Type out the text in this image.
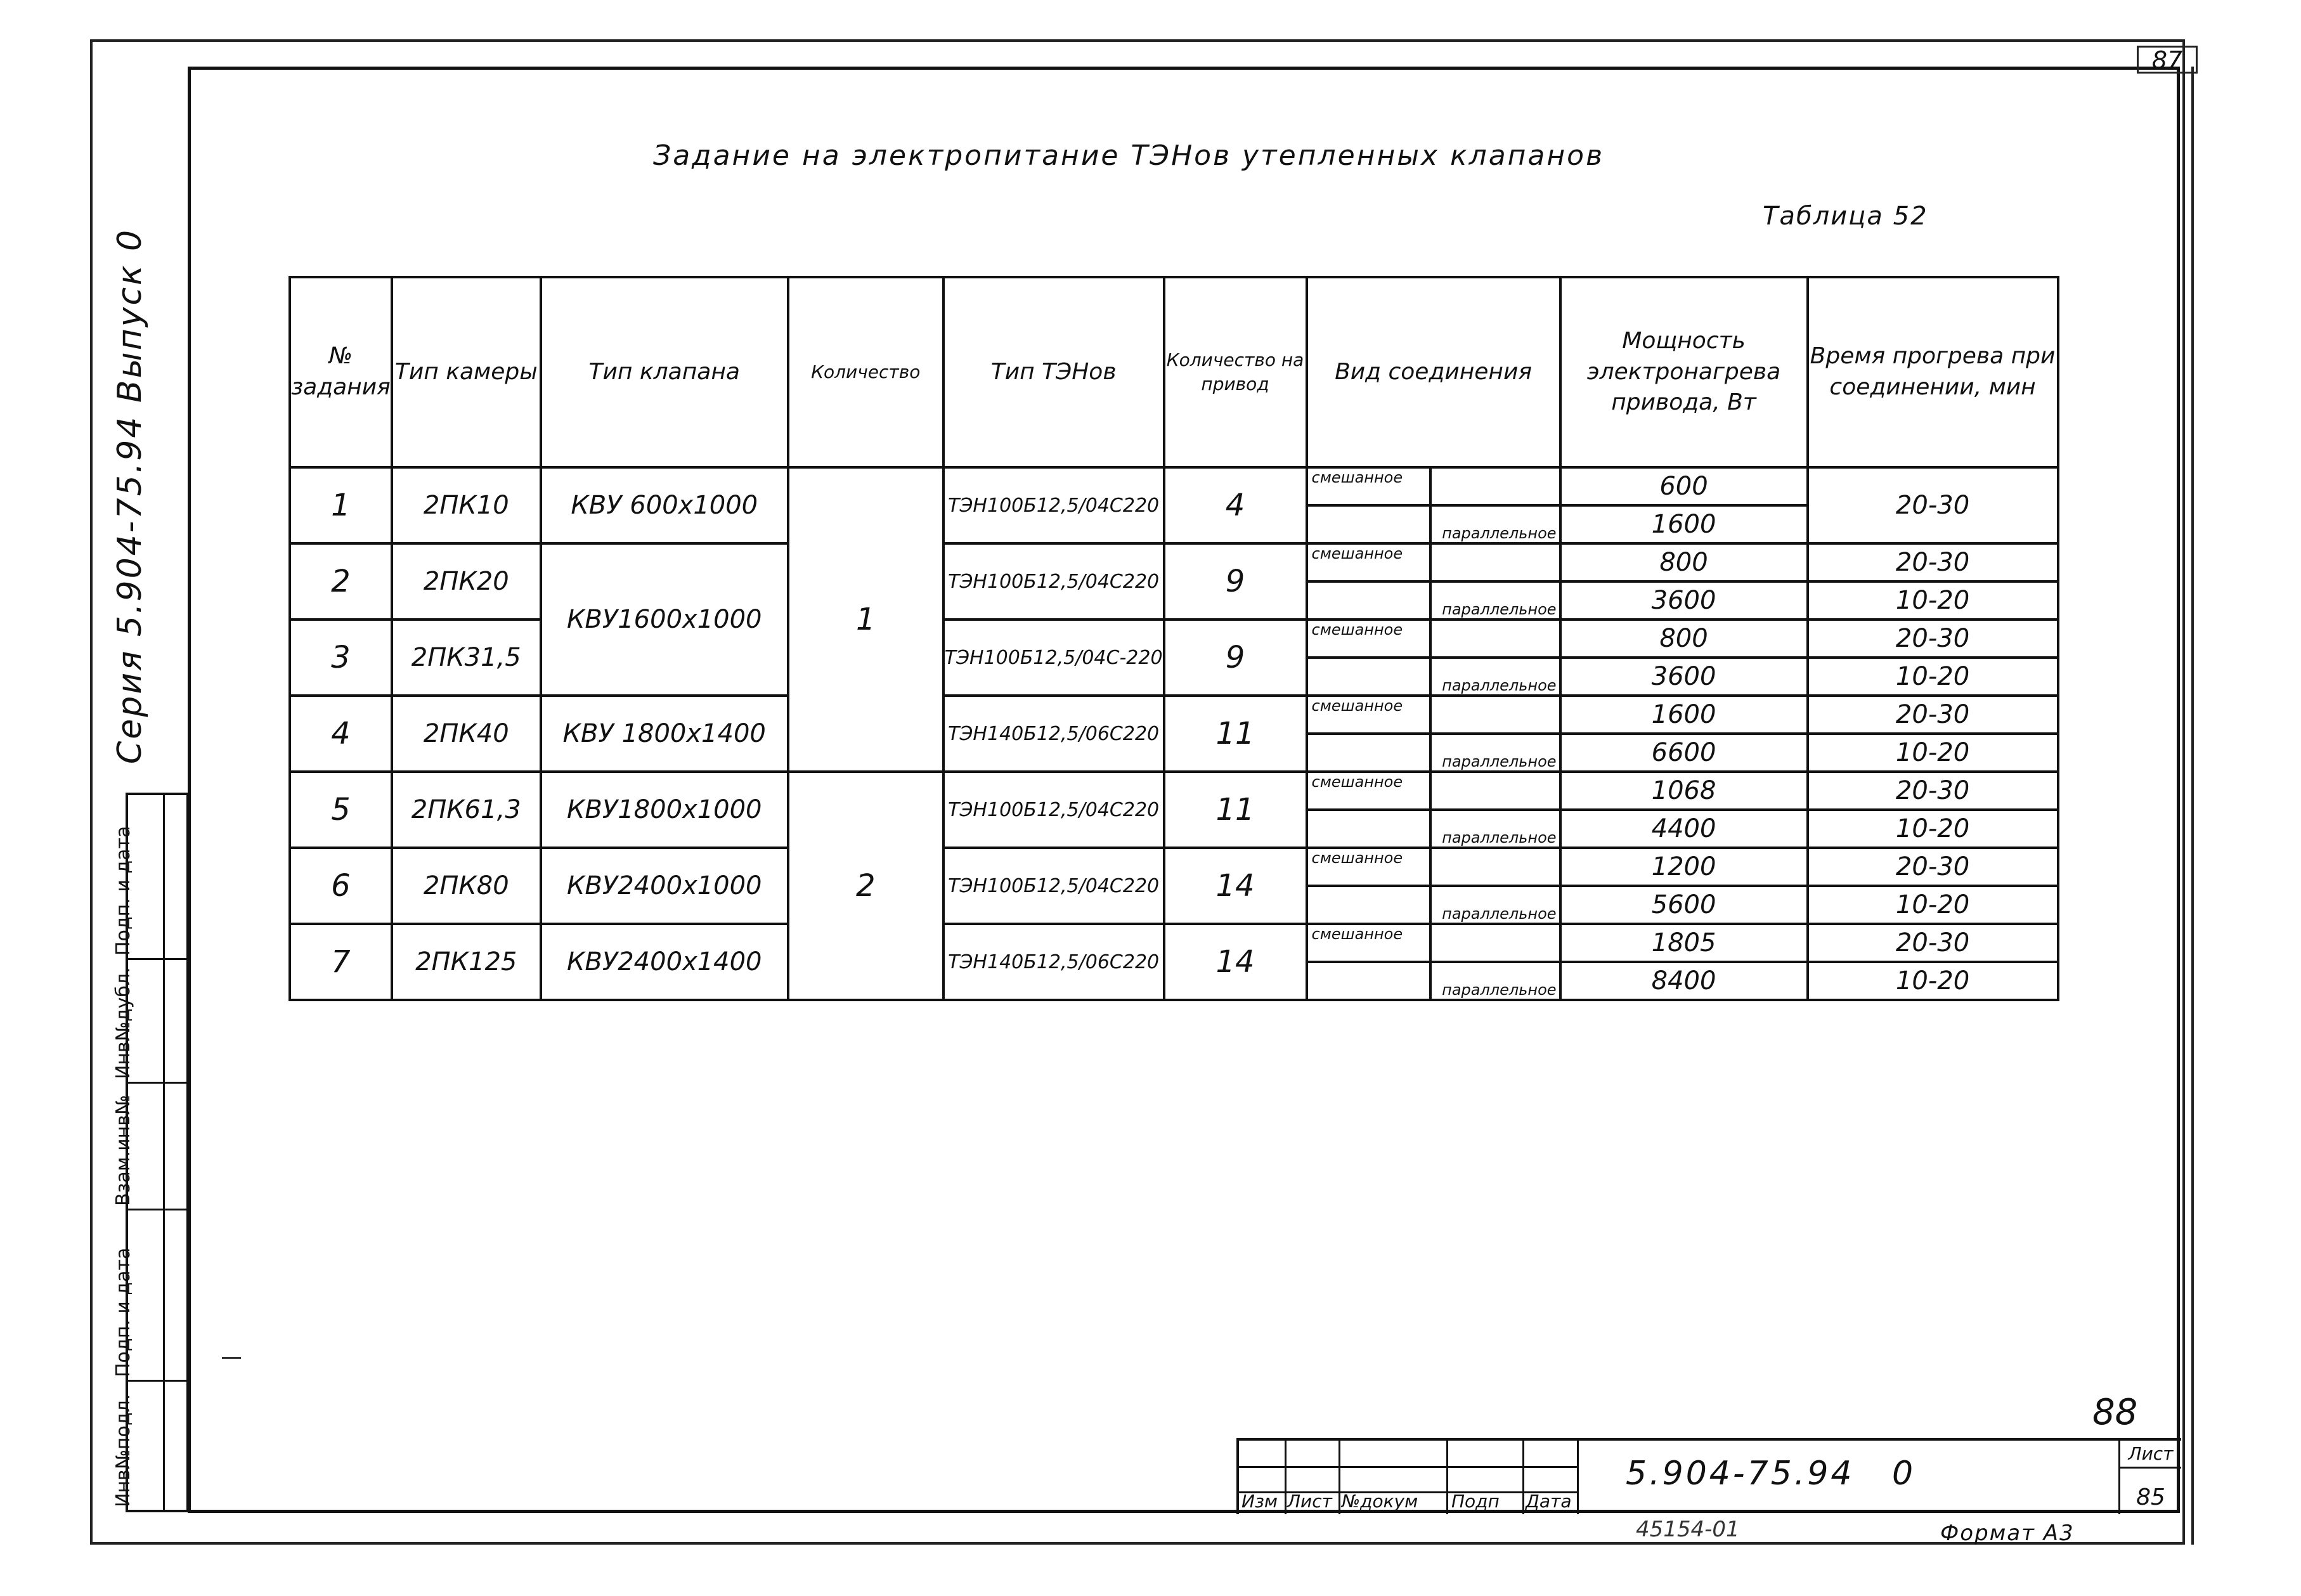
87
Задание на электропитание ТЭНов утепленных клапанов
Таблица 52
Серия 5.904-75.94 Выпуск 0
Подп. и дата
Инв№дубл.
Взам.инв№
Подп. и дата
Инв№подл.
№ задания	Тип камеры	Тип клапана	Количество	Тип ТЭНов	Количество на привод	Вид соединения		Мощность электронагрева привода, Вт	Время прогрева при соединении, мин
1	2ПК10	КВУ 600х1000	1	ТЭН100Б12,5/04С220	4	смешанное		600	20-30
							параллельное	1600	
2	2ПК20	КВУ1600х1000		ТЭН100Б12,5/04С220	9	смешанное		800	20-30
							параллельное	3600	10-20
3	2ПК31,5			ТЭН100Б12,5/04С-220	9	смешанное		800	20-30
							параллельное	3600	10-20
4	2ПК40	КВУ 1800х1400		ТЭН140Б12,5/06С220	11	смешанное		1600	20-30
							параллельное	6600	10-20
5	2ПК61,3	КВУ1800х1000	2	ТЭН100Б12,5/04С220	11	смешанное		1068	20-30
							параллельное	4400	10-20
6	2ПК80	КВУ2400х1000		ТЭН100Б12,5/04С220	14	смешанное		1200	20-30
							параллельное	5600	10-20
7	2ПК125	КВУ2400х1400		ТЭН140Б12,5/06С220	14	смешанное		1805	20-30
							параллельное	8400	10-20
88
Изм Лист №докум Подп Дата
5.904-75.94 0
Лист
85
45154-01	Формат А3
